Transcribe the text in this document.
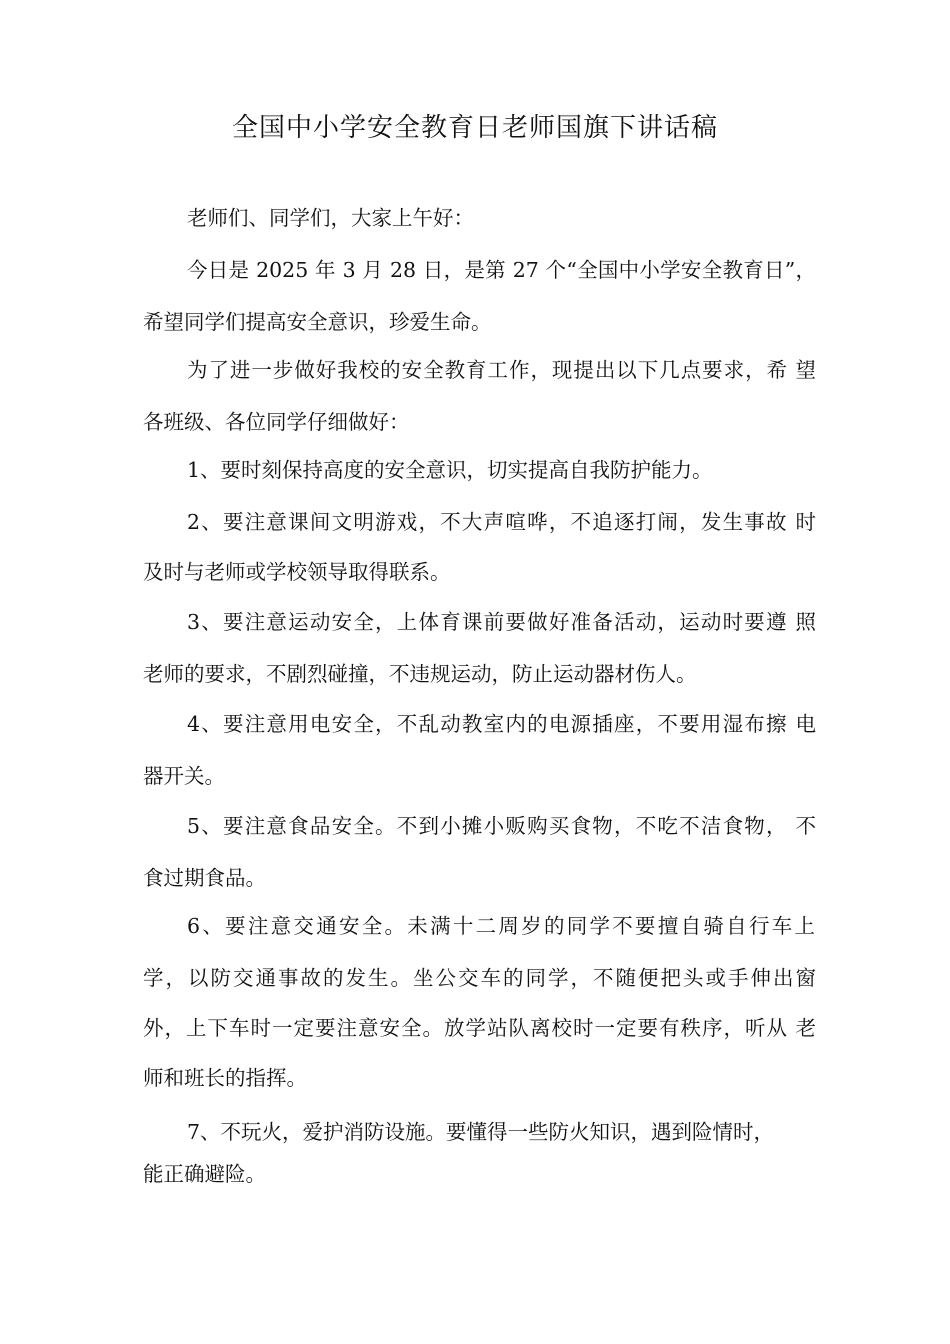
全国中小学安全教育日老师国旗下讲话稿
老师们、同学们，大家上午好：
今日是 2025 年 3 月 28 日，是第 27 个“全国中小学安全教育日”，
希望同学们提高安全意识，珍爱生命。
为了进一步做好我校的安全教育工作，现提出以下几点要求，希 望
各班级、各位同学仔细做好：
1、要时刻保持高度的安全意识，切实提高自我防护能力。
2、要注意课间文明游戏，不大声喧哗，不追逐打闹，发生事故 时
及时与老师或学校领导取得联系。
3、要注意运动安全，上体育课前要做好准备活动，运动时要遵 照
老师的要求，不剧烈碰撞，不违规运动，防止运动器材伤人。
4、要注意用电安全，不乱动教室内的电源插座，不要用湿布擦 电
器开关。
5、要注意食品安全。不到小摊小贩购买食物，不吃不洁食物， 不
食过期食品。
6、要注意交通安全。未满十二周岁的同学不要擅自骑自行车上
学，以防交通事故的发生。坐公交车的同学，不随便把头或手伸出窗
外，上下车时一定要注意安全。放学站队离校时一定要有秩序，听从 老
师和班长的指挥。
7、不玩火，爱护消防设施。要懂得一些防火知识，遇到险情时，
能正确避险。
